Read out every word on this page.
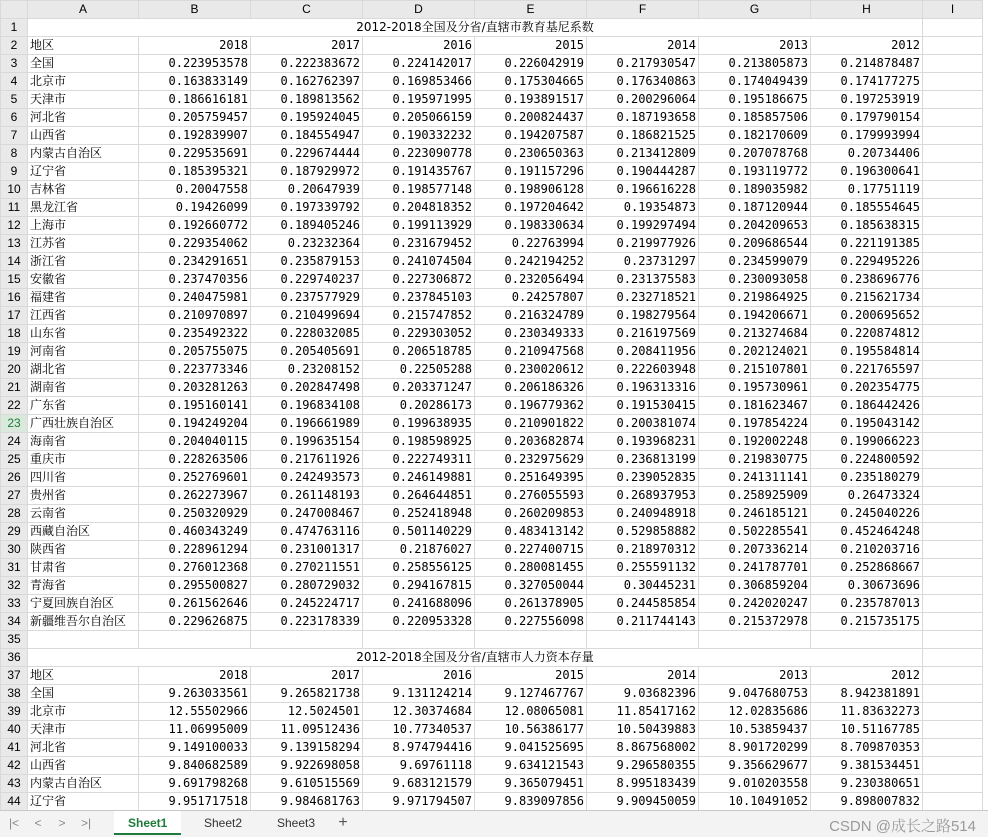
	A	B	C	D	E	F	G	H	I
1	2012-2018全国及分省/直辖市教育基尼系数								
2	地区	2018	2017	2016	2015	2014	2013	2012	
3	全国	0.223953578	0.222383672	0.224142017	0.226042919	0.217930547	0.213805873	0.214878487	
4	北京市	0.163833149	0.162762397	0.169853466	0.175304665	0.176340863	0.174049439	0.174177275	
5	天津市	0.186616181	0.189813562	0.195971995	0.193891517	0.200296064	0.195186675	0.197253919	
6	河北省	0.205759457	0.195924045	0.205066159	0.200824437	0.187193658	0.185857506	0.179790154	
7	山西省	0.192839907	0.184554947	0.190332232	0.194207587	0.186821525	0.182170609	0.179993994	
8	内蒙古自治区	0.229535691	0.229674444	0.223090778	0.230650363	0.213412809	0.207078768	0.20734406	
9	辽宁省	0.185395321	0.187929972	0.191435767	0.191157296	0.190444287	0.193119772	0.196300641	
10	吉林省	0.20047558	0.20647939	0.198577148	0.198906128	0.196616228	0.189035982	0.17751119	
11	黑龙江省	0.19426099	0.197339792	0.204818352	0.197204642	0.19354873	0.187120944	0.185554645	
12	上海市	0.192660772	0.189405246	0.199113929	0.198330634	0.199297494	0.204209653	0.185638315	
13	江苏省	0.229354062	0.23232364	0.231679452	0.22763994	0.219977926	0.209686544	0.221191385	
14	浙江省	0.234291651	0.235879153	0.241074504	0.242194252	0.23731297	0.234599079	0.229495226	
15	安徽省	0.237470356	0.229740237	0.227306872	0.232056494	0.231375583	0.230093058	0.238696776	
16	福建省	0.240475981	0.237577929	0.237845103	0.24257807	0.232718521	0.219864925	0.215621734	
17	江西省	0.210970897	0.210499694	0.215747852	0.216324789	0.198279564	0.194206671	0.200695652	
18	山东省	0.235492322	0.228032085	0.229303052	0.230349333	0.216197569	0.213274684	0.220874812	
19	河南省	0.205755075	0.205405691	0.206518785	0.210947568	0.208411956	0.202124021	0.195584814	
20	湖北省	0.223773346	0.23208152	0.22505288	0.230020612	0.222603948	0.215107801	0.221765597	
21	湖南省	0.203281263	0.202847498	0.203371247	0.206186326	0.196313316	0.195730961	0.202354775	
22	广东省	0.195160141	0.196834108	0.20286173	0.196779362	0.191530415	0.181623467	0.186442426	
23	广西壮族自治区	0.194249204	0.196661989	0.199638935	0.210901822	0.200381074	0.197854224	0.195043142	
24	海南省	0.204040115	0.199635154	0.198598925	0.203682874	0.193968231	0.192002248	0.199066223	
25	重庆市	0.228263506	0.217611926	0.222749311	0.232975629	0.236813199	0.219830775	0.224800592	
26	四川省	0.252769601	0.242493573	0.246149881	0.251649395	0.239052835	0.241311141	0.235180279	
27	贵州省	0.262273967	0.261148193	0.264644851	0.276055593	0.268937953	0.258925909	0.26473324	
28	云南省	0.250320929	0.247008467	0.252418948	0.260209853	0.240948918	0.246185121	0.245040226	
29	西藏自治区	0.460343249	0.474763116	0.501140229	0.483413142	0.529858882	0.502285541	0.452464248	
30	陕西省	0.228961294	0.231001317	0.21876027	0.227400715	0.218970312	0.207336214	0.210203716	
31	甘肃省	0.276012368	0.270211551	0.258556125	0.280081455	0.255591132	0.241787701	0.252868667	
32	青海省	0.295500827	0.280729032	0.294167815	0.327050044	0.30445231	0.306859204	0.30673696	
33	宁夏回族自治区	0.261562646	0.245224717	0.241688096	0.261378905	0.244585854	0.242020247	0.235787013	
34	新疆维吾尔自治区	0.229626875	0.223178339	0.220953328	0.227556098	0.211744143	0.215372978	0.215735175	
35									
36	2012-2018全国及分省/直辖市人力资本存量								
37	地区	2018	2017	2016	2015	2014	2013	2012	
38	全国	9.263033561	9.265821738	9.131124214	9.127467767	9.03682396	9.047680753	8.942381891	
39	北京市	12.55502966	12.5024501	12.30374684	12.08065081	11.85417162	12.02835686	11.83632273	
40	天津市	11.06995009	11.09512436	10.77340537	10.56386177	10.50439883	10.53859437	10.51167785	
41	河北省	9.149100033	9.139158294	8.974794416	9.041525695	8.867568002	8.901720299	8.709870353	
42	山西省	9.840682589	9.922698058	9.69761118	9.634121543	9.296580355	9.356629677	9.381534451	
43	内蒙古自治区	9.691798268	9.610515569	9.683121579	9.365079451	8.995183439	9.010203558	9.230380651	
44	辽宁省	9.951717518	9.984681763	9.971794507	9.839097856	9.909450059	10.10491052	9.898007832	
|<	<	>	>|	Sheet1	Sheet2	Sheet3	+	CSDN @成长之路514
